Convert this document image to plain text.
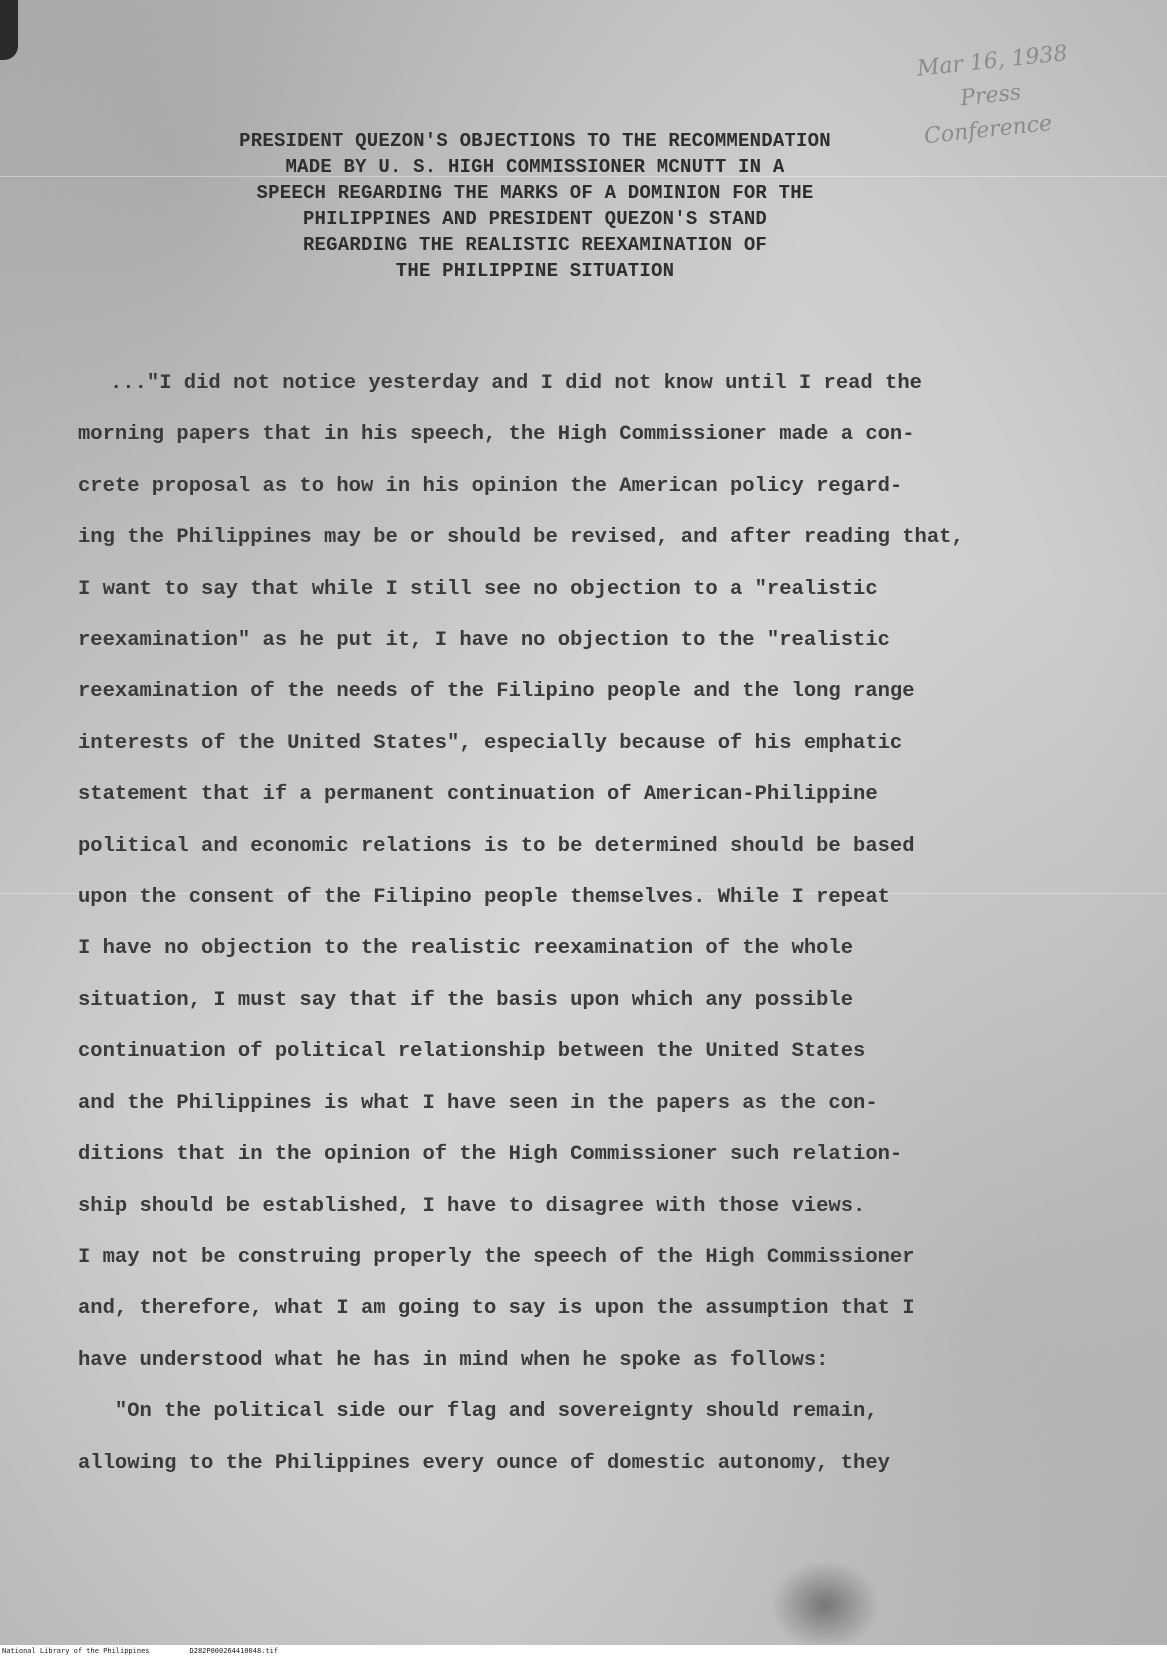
Mar 16, 1938
Press
Conference
PRESIDENT QUEZON'S OBJECTIONS TO THE RECOMMENDATION
MADE BY U. S. HIGH COMMISSIONER MCNUTT IN A
SPEECH REGARDING THE MARKS OF A DOMINION FOR THE
PHILIPPINES AND PRESIDENT QUEZON'S STAND
REGARDING THE REALISTIC REEXAMINATION OF
THE PHILIPPINE SITUATION
..."I did not notice yesterday and I did not know until I read the
morning papers that in his speech, the High Commissioner made a con-
crete proposal as to how in his opinion the American policy regard-
ing the Philippines may be or should be revised, and after reading that,
I want to say that while I still see no objection to a "realistic
reexamination" as he put it, I have no objection to the "realistic
reexamination of the needs of the Filipino people and the long range
interests of the United States", especially because of his emphatic
statement that if a permanent continuation of American-Philippine
political and economic relations is to be determined should be based
upon the consent of the Filipino people themselves. While I repeat
I have no objection to the realistic reexamination of the whole
situation, I must say that if the basis upon which any possible
continuation of political relationship between the United States
and the Philippines is what I have seen in the papers as the con-
ditions that in the opinion of the High Commissioner such relation-
ship should be established, I have to disagree with those views.
I may not be construing properly the speech of the High Commissioner
and, therefore, what I am going to say is upon the assumption that I
have understood what he has in mind when he spoke as follows:
"On the political side our flag and sovereignty should remain,
allowing to the Philippines every ounce of domestic autonomy, they
National Library of the Philippines	D282P000264410048.tif
